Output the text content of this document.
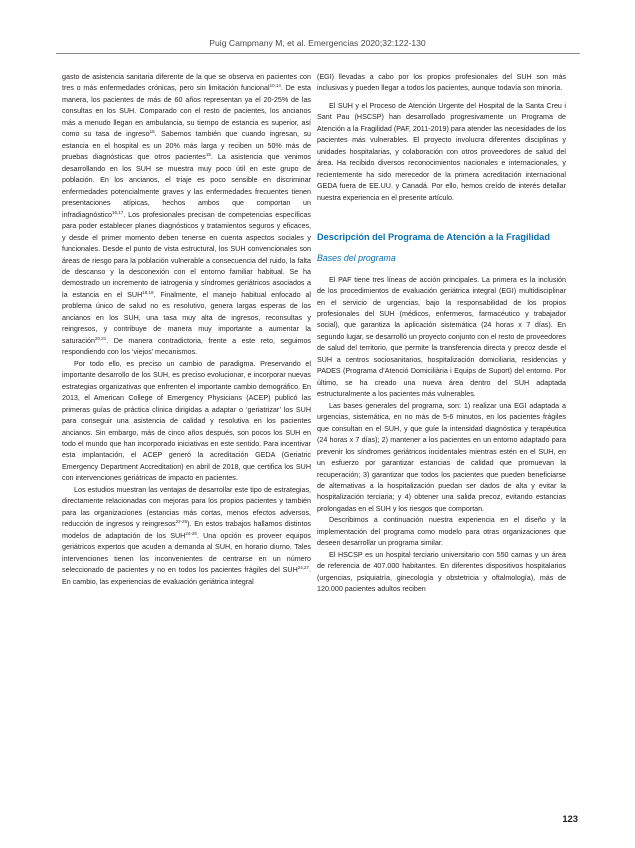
Puig Campmany M, et al. Emergencias 2020;32:122-130

gasto de asistencia sanitaria diferente de la que se observa en pacientes con tres o más enfermedades crónicas, pero sin limitación funcional$^{10,14}$. De esta manera, los pacientes de más de 60 años representan ya el 20-25% de las consultas en los SUH. Comparado con el resto de pacientes, los ancianos más a menudo llegan en ambulancia, su tiempo de estancia es superior, así como su tasa de ingreso$^{15}$. Sabemos también que cuando ingresan, su estancia en el hospital es un 20% más larga y reciben un 50% más de pruebas diagnósticas que otros pacientes$^{15}$. La asistencia que venimos desarrollando en los SUH se muestra muy poco útil en este grupo de población. En los ancianos, el triaje es poco sensible en discriminar enfermedades potencialmente graves y las enfermedades frecuentes tienen presentaciones atípicas, hechos ambos que comportan un infradiagnóstico$^{16,17}$. Los profesionales precisan de competencias específicas para poder establecer planes diagnósticos y tratamientos seguros y eficaces, y desde el primer momento deben tenerse en cuenta aspectos sociales y funcionales. Desde el punto de vista estructural, los SUH convencionales son áreas de riesgo para la población vulnerable a consecuencia del ruido, la falta de descanso y la desconexión con el entorno familiar habitual. Se ha demostrado un incremento de iatrogenia y síndromes geriátricos asociados a la estancia en el SUH$^{18,19}$. Finalmente, el manejo habitual enfocado al problema único de salud no es resolutivo, genera largas esperas de los ancianos en los SUH, una tasa muy alta de ingresos, reconsultas y reingresos, y contribuye de manera muy importante a aumentar la saturación$^{20,21}$. De manera contradictoria, frente a este reto, seguimos respondiendo con los ‘viejos’ mecanismos.

Por todo ello, es preciso un cambio de paradigma. Preservando el importante desarrollo de los SUH, es preciso evolucionar, e incorporar nuevas estrategias organizativas que enfrenten el importante cambio demográfico. En 2013, el American College of Emergency Physicians (ACEP) publicó las primeras guías de práctica clínica dirigidas a adaptar o ‘geriatrizar’ los SUH para conseguir una asistencia de calidad y resolutiva en los pacientes ancianos. Sin embargo, más de cinco años después, son pocos los SUH en todo el mundo que han incorporado iniciativas en este sentido. Para incentivar esta implantación, el ACEP generó la acreditación GEDA (Geriatric Emergency Department Accreditation) en abril de 2018, que certifica los SUH con intervenciones geriátricas de impacto en pacientes.

Los estudios muestran las ventajas de desarrollar este tipo de estrategias, directamente relacionadas con mejoras para los propios pacientes y también para las organizaciones (estancias más cortas, menos efectos adversos, reducción de ingresos y reingresos$^{22-25}$). En estos trabajos hallamos distintos modelos de adaptación de los SUH$^{24-26}$. Una opción es proveer equipos geriátricos expertos que acuden a demanda al SUH, en horario diurno. Tales intervenciones tienen los inconvenientes de centrarse en un número seleccionado de pacientes y no en todos los pacientes frágiles del SUH$^{24,27}$. En cambio, las experiencias de evaluación geriátrica integral

(EGI) llevadas a cabo por los propios profesionales del SUH son más inclusivas y pueden llegar a todos los pacientes, aunque todavía son minoría.

El SUH y el Proceso de Atención Urgente del Hospital de la Santa Creu i Sant Pau (HSCSP) han desarrollado progresivamente un Programa de Atención a la Fragilidad (PAF, 2011-2019) para atender las necesidades de los pacientes más vulnerables. El proyecto involucra diferentes disciplinas y unidades hospitalarias, y colaboración con otros proveedores de salud del área. Ha recibido diversos reconocimientos nacionales e internacionales, y recientemente ha sido merecedor de la primera acreditación internacional GEDA fuera de EE.UU. y Canadá. Por ello, hemos creído de interés detallar nuestra experiencia en el presente artículo.

Descripción del Programa de Atención a la Fragilidad
Bases del programa

El PAF tiene tres líneas de acción principales. La primera es la inclusión de los procedimientos de evaluación geriátrica integral (EGI) multidisciplinar en el servicio de urgencias, bajo la responsabilidad de los propios profesionales del SUH (médicos, enfermeros, farmacéutico y trabajador social), que garantiza la aplicación sistemática (24 horas x 7 días). En segundo lugar, se desarrolló un proyecto conjunto con el resto de proveedores de salud del territorio, que permite la transferencia directa y precoz desde el SUH a centros sociosanitarios, hospitalización domiciliaria, residencias y PADES (Programa d’Atenció Domiciliària i Equips de Suport) del entorno. Por último, se ha creado una nueva área dentro del SUH adaptada estructuralmente a los pacientes más vulnerables.

Las bases generales del programa, son: 1) realizar una EGI adaptada a urgencias, sistemática, en no más de 5-6 minutos, en los pacientes frágiles que consultan en el SUH, y que guíe la intensidad diagnóstica y terapéutica (24 horas x 7 días); 2) mantener a los pacientes en un entorno adaptado para prevenir los síndromes geriátricos incidentales mientras estén en el SUH, en un esfuerzo por garantizar estancias de calidad que promuevan la recuperación; 3) garantizar que todos los pacientes que pueden beneficiarse de alternativas a la hospitalización puedan ser dados de alta y evitar la hospitalización terciaria; y 4) obtener una salida precoz, evitando estancias prolongadas en el SUH y los riesgos que comportan.

Describimos a continuación nuestra experiencia en el diseño y la implementación del programa como modelo para otras organizaciones que deseen desarrollar un programa similar.

El HSCSP es un hospital terciario universitario con 550 camas y un área de referencia de 407.000 habitantes. En diferentes dispositivos hospitalarios (urgencias, psiquiatría, ginecología y obstetricia y oftalmología), más de 120.000 pacientes adultos reciben

123
